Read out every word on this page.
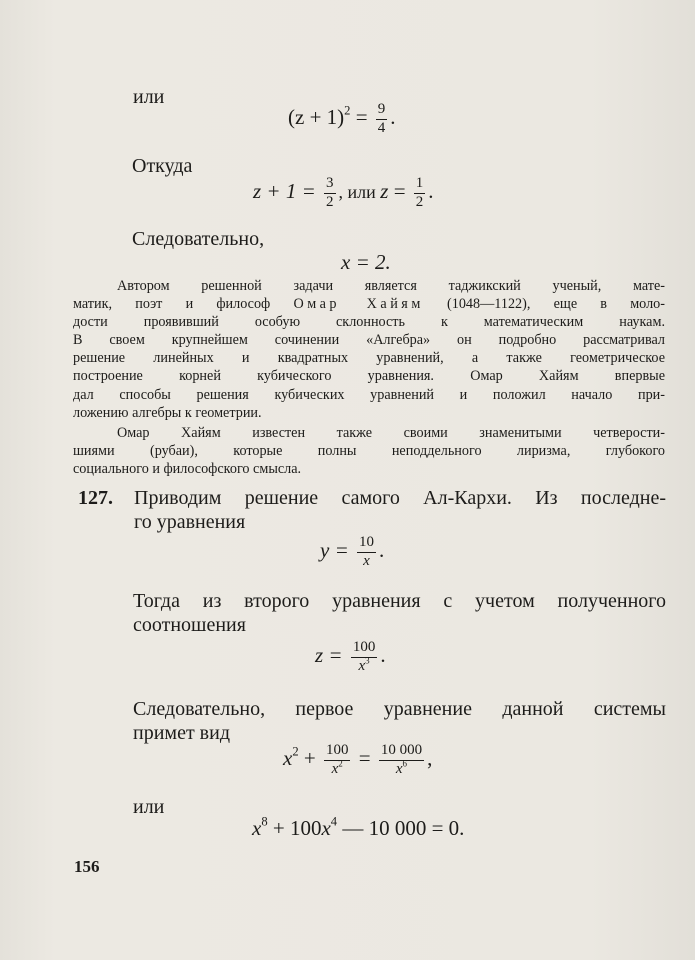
или
$(z + 1)^2 = \frac{9}{4}$ .
Откуда
$z + 1 = \frac{3}{2}$ , или $z = \frac{1}{2}$ .
Следовательно,
x = 2.
Автором решенной задачи является таджикский ученый, мате-
матик, поэт и философ Омар Хайям (1048—1122), еще в моло-
дости проявивший особую склонность к математическим наукам.
В своем крупнейшем сочинении «Алгебра» он подробно рассматривал
решение линейных и квадратных уравнений, а также геометрическое
построение корней кубического уравнения. Омар Хайям впервые
дал способы решения кубических уравнений и положил начало при-
ложению алгебры к геометрии.
Омар Хайям известен также своими знаменитыми четверости-
шиями (рубаи), которые полны неподдельного лиризма, глубокого
социального и философского смысла.
127. Приводим решение самого Ал-Кархи. Из последне-
го уравнения
$y = \frac{10}{x}$ .
Тогда из второго уравнения с учетом полученного
соотношения
$z = \frac{100}{x^3}$ .
Следовательно, первое уравнение данной системы
примет вид
$x^2 + \frac{100}{x^2} = \frac{10 000}{x^6}$ ,
или
$x^8 + 100x^4$ — 10 000 = 0.
156
